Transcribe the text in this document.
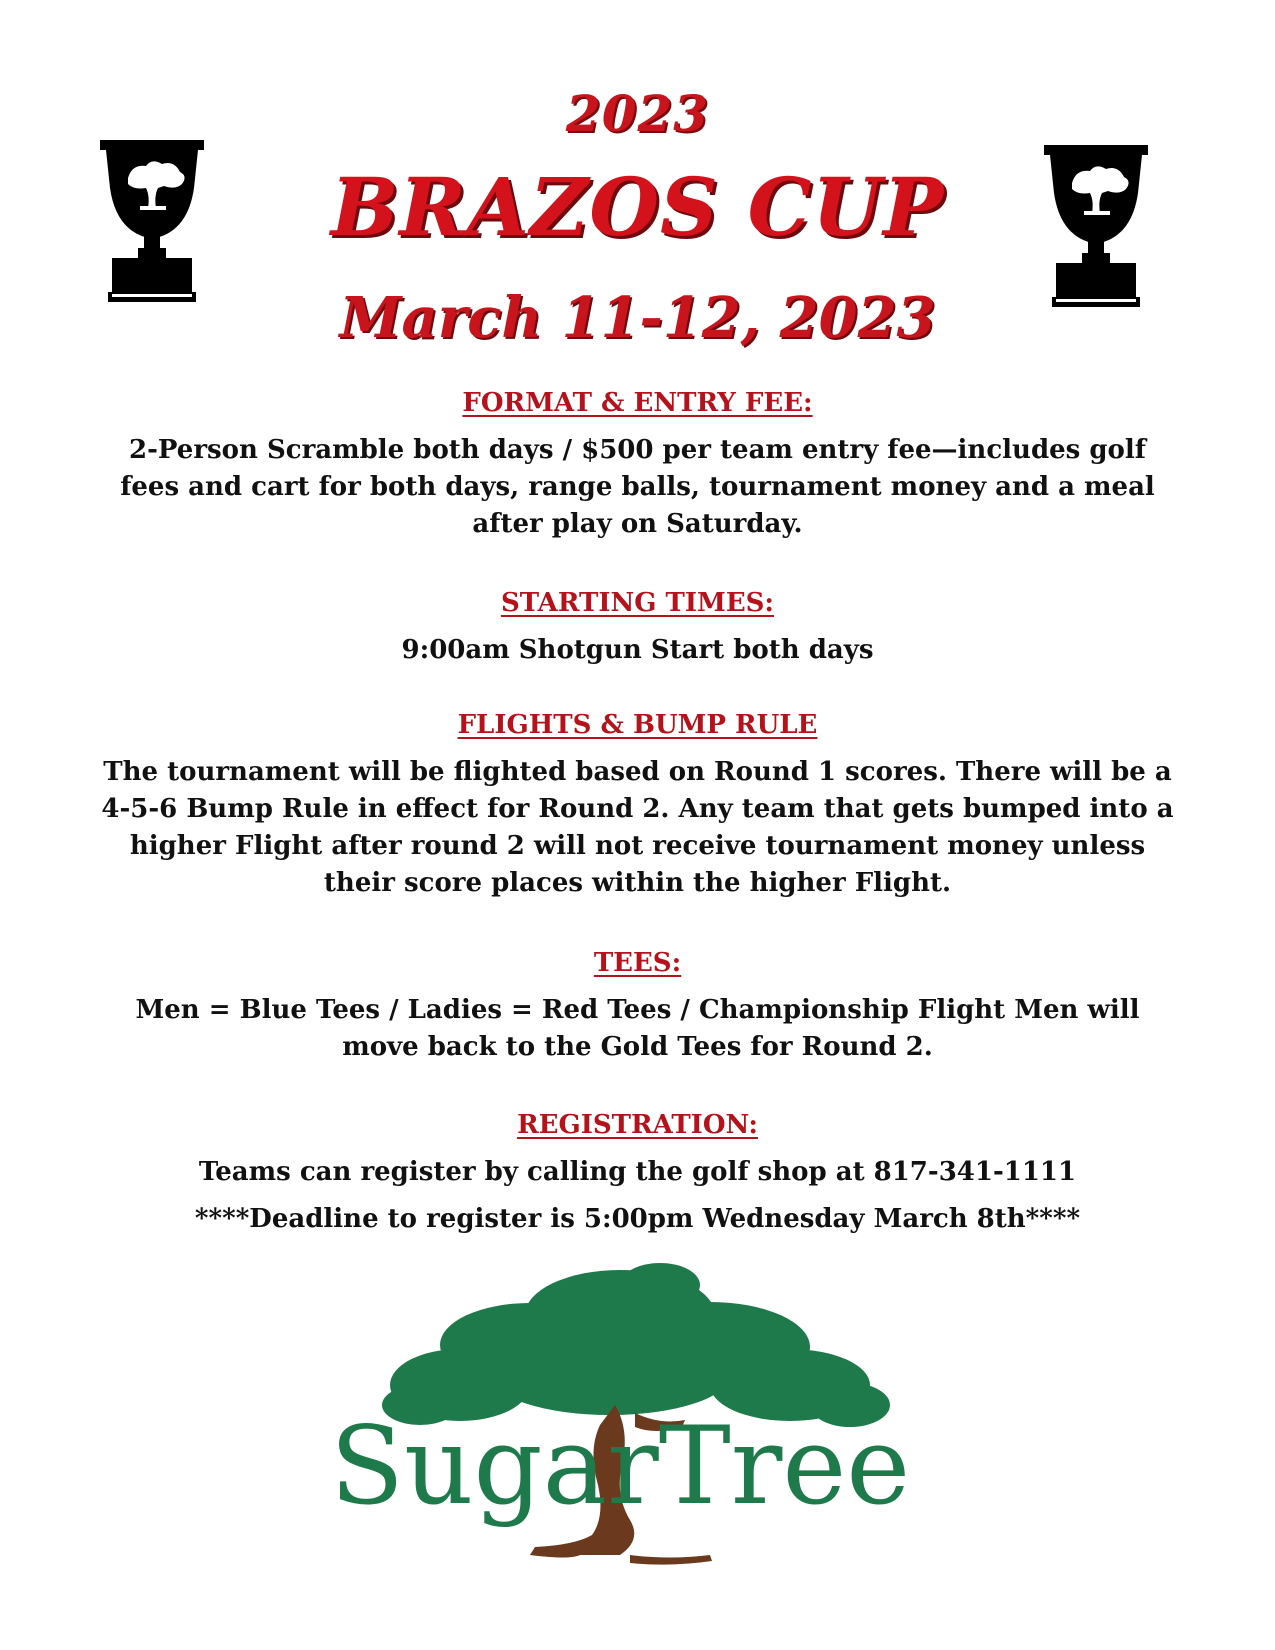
2023
BRAZOS CUP
March 11-12, 2023

FORMAT & ENTRY FEE:

2-Person Scramble both days / $500 per team entry fee—includes golf
fees and cart for both days, range balls, tournament money and a meal
after play on Saturday.

STARTING TIMES:

9:00am Shotgun Start both days

FLIGHTS & BUMP RULE

The tournament will be flighted based on Round 1 scores. There will be a
4-5-6 Bump Rule in effect for Round 2. Any team that gets bumped into a
higher Flight after round 2 will not receive tournament money unless
their score places within the higher Flight.

TEES:

Men = Blue Tees / Ladies = Red Tees / Championship Flight Men will
move back to the Gold Tees for Round 2.

REGISTRATION:

Teams can register by calling the golf shop at 817-341-1111

****Deadline to register is 5:00pm Wednesday March 8th****

SugarTree
